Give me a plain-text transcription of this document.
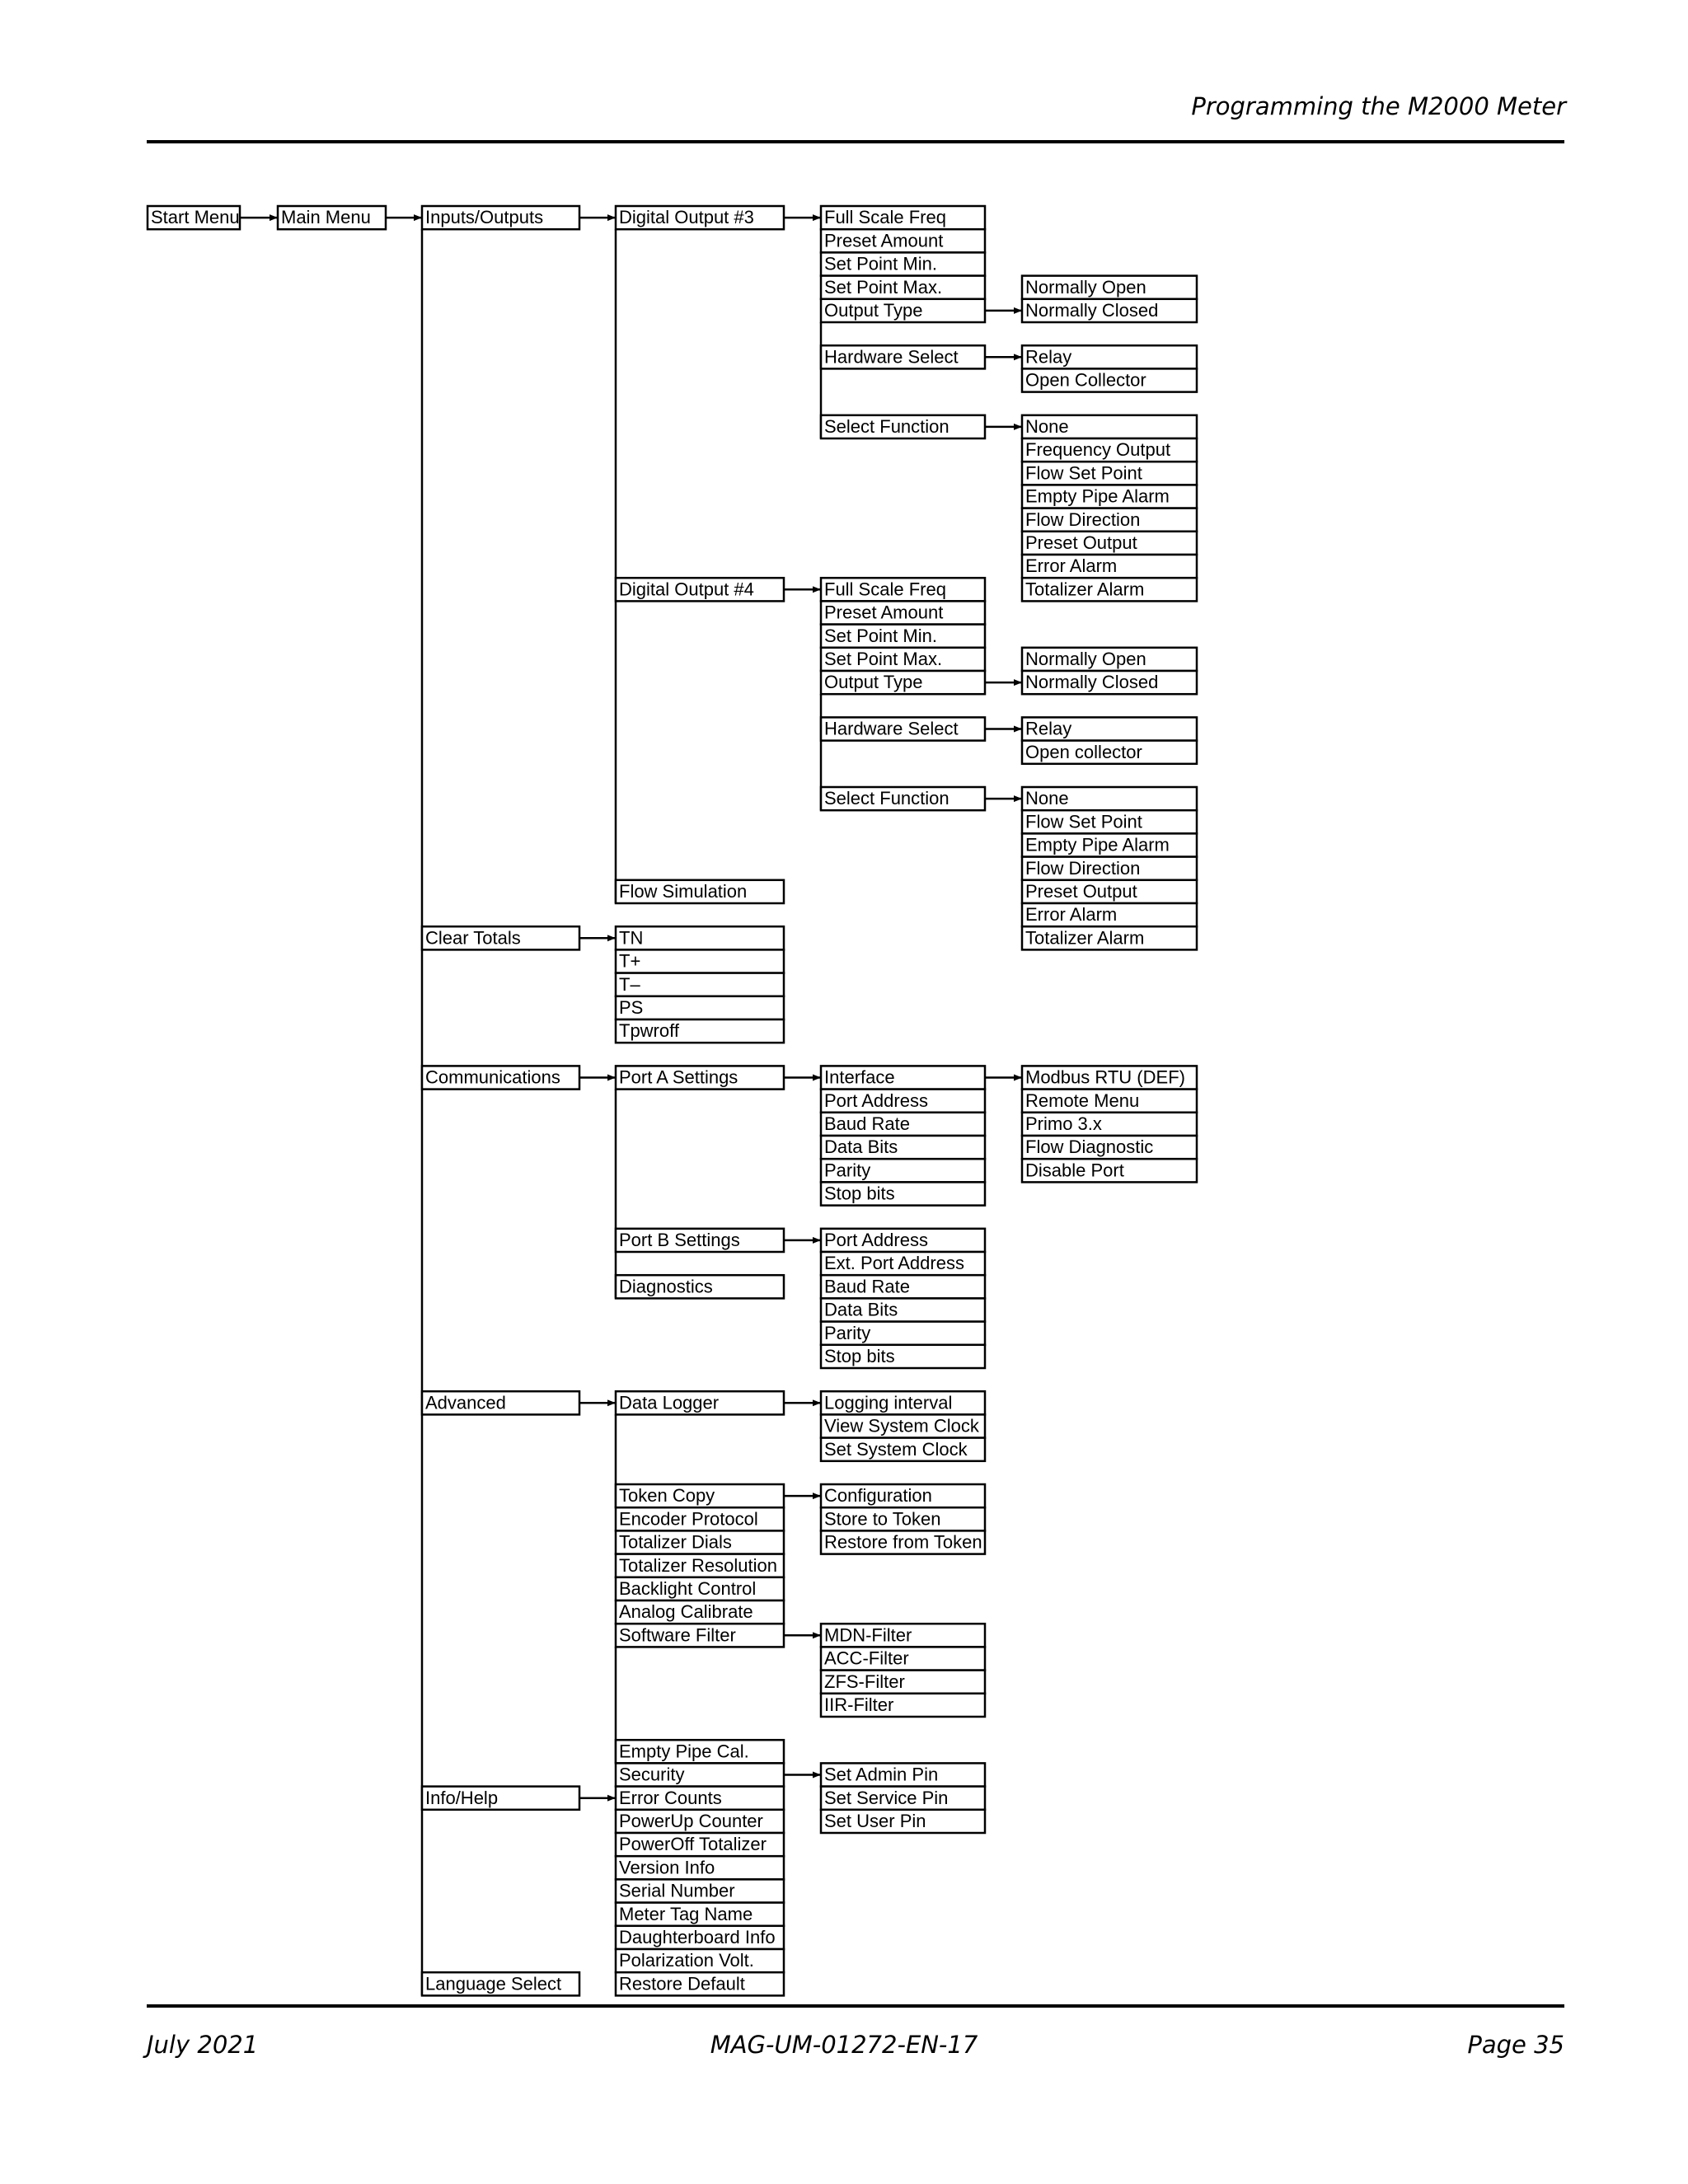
Programming the M2000 Meter
Start Menu Main Menu	Inputs/Outputs
Clear Totals
Communications
Advanced
Info/Help
Language Select
Digital Output #3
Digital Output #4
Flow Simulation
Full Scale Freq
Preset Amount
Set Point Min.
Set Point Max.
Output Type
Hardware Select
Select Function
Normally Open
Normally Closed
Relay
Open Collector
None
Frequency Output
Flow Set Point
Empty Pipe Alarm
Flow Direction
Preset Output
Error Alarm
Totalizer Alarm
Full Scale Freq
Preset Amount
Set Point Min.
Set Point Max.
Output Type
Hardware Select
Select Function
Normally Open
Normally Closed
Relay
Open collector
None
Flow Set Point
Empty Pipe Alarm
Flow Direction
Preset Output
Error Alarm
Totalizer Alarm
TN
T+
T–
PS
Tpwroff
Port A Settings
Port B Settings
Diagnostics
Interface
Port Address
Baud Rate
Data Bits
Parity
Stop bits
Modbus RTU (DEF)
Remote Menu
Primo 3.x
Flow Diagnostic
Disable Port
Port Address
Ext. Port Address
Baud Rate
Data Bits
Parity
Stop bits
Data Logger
Token Copy
Encoder Protocol
Totalizer Dials
Totalizer Resolution
Backlight Control
Analog Calibrate
Software Filter
Empty Pipe Cal.
Security
Logging interval
View System Clock
Set System Clock
Configuration
Store to Token
Restore from Token
MDN-Filter
ACC-Filter
ZFS-Filter
IIR-Filter
Set Admin Pin
Set Service Pin
Set User Pin
Error Counts
PowerUp Counter
PowerOff Totalizer
Version Info
Serial Number
Meter Tag Name
Daughterboard Info
Polarization Volt.
Restore Default
July 2021	MAG-UM-01272-EN-17	Page 35
